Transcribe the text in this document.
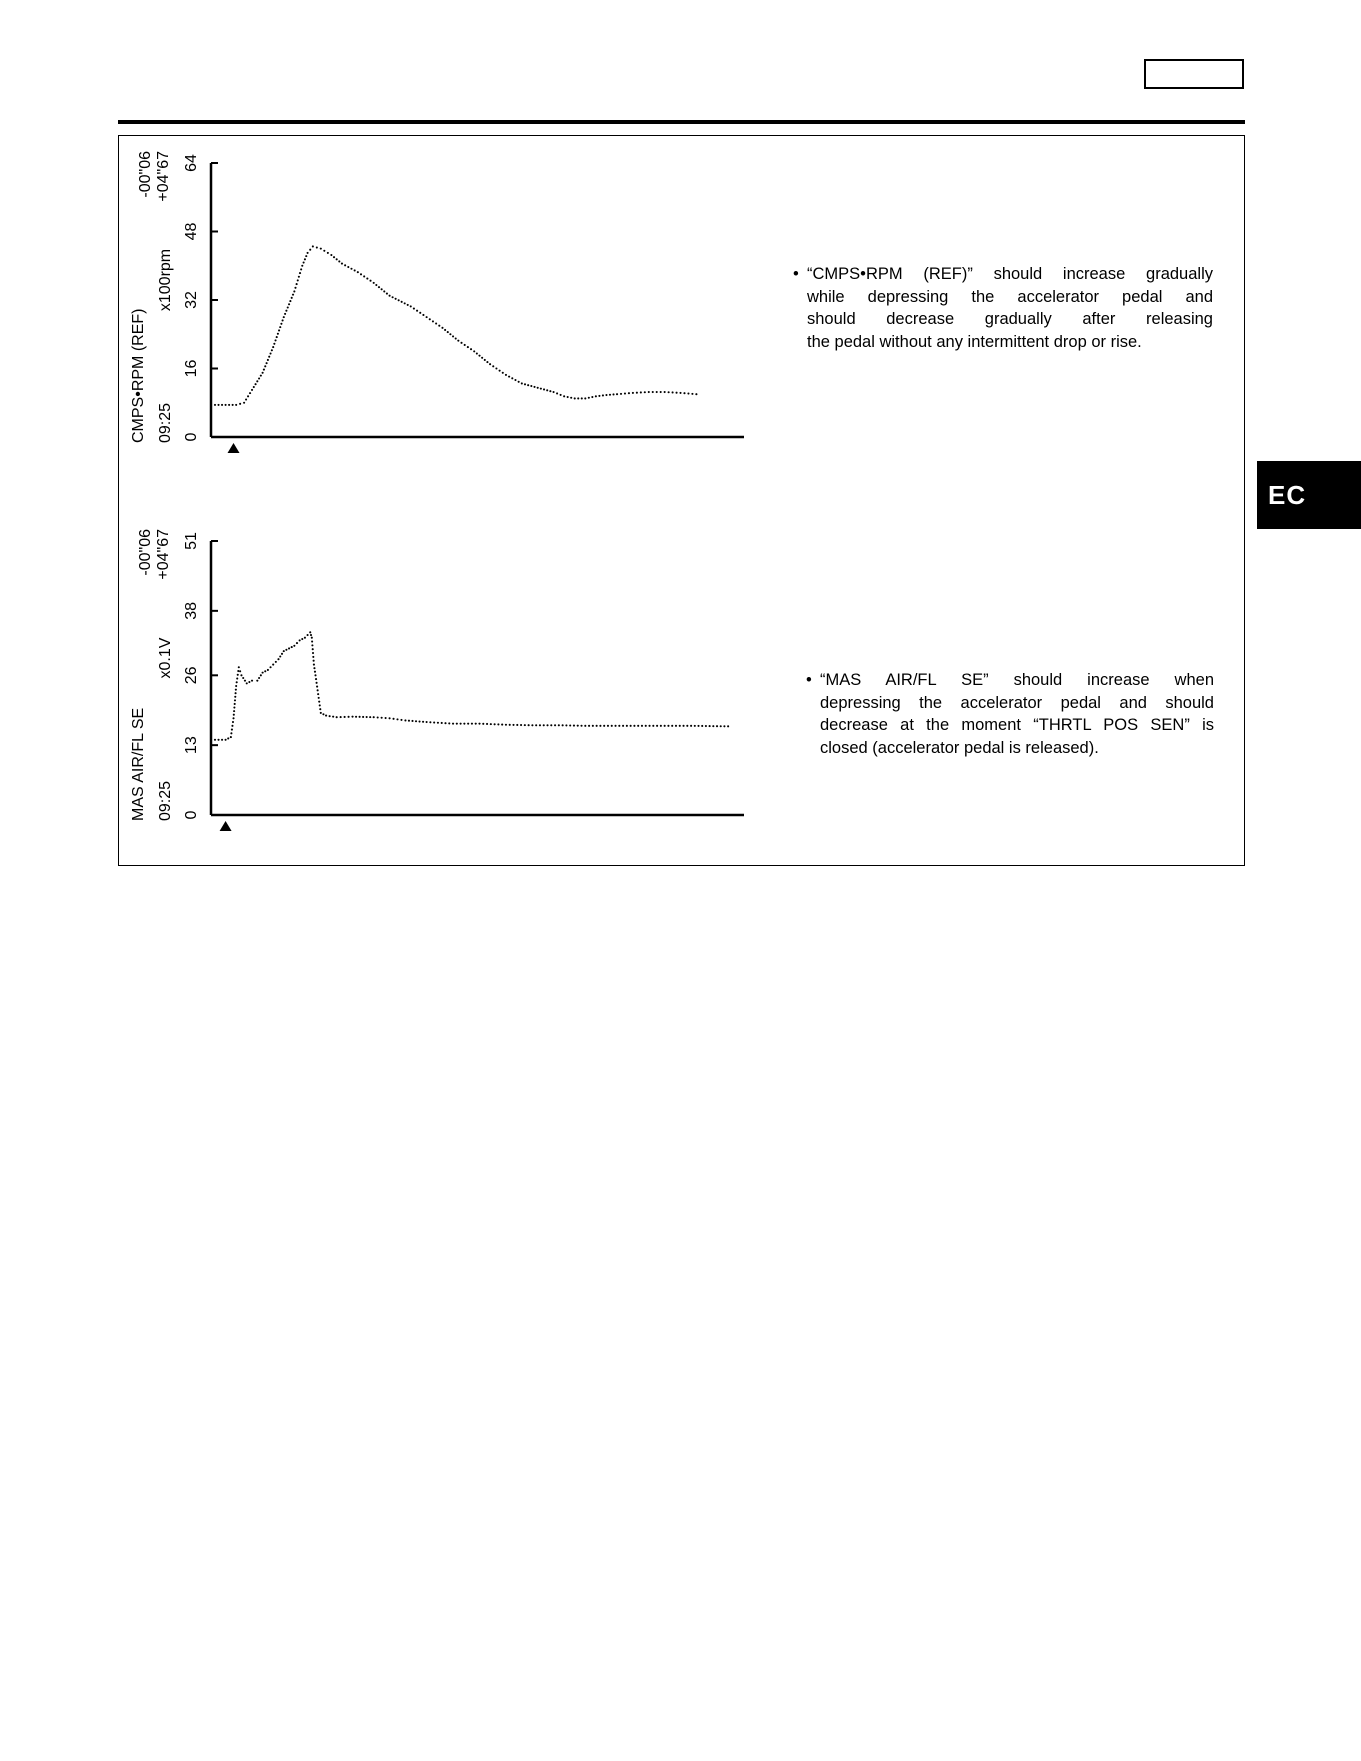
EC
0
16
32
48
64
CMPS•RPM (REF) 09:25
x100rpm
-00"06 +04"67
0
13
26
38
51
MAS AIR/FL SE 09:25
x0.1V
-00"06 +04"67
• “CMPS•RPM (REF)” should increase gradually
while depressing the accelerator pedal and
should decrease gradually after releasing
the pedal without any intermittent drop or rise.
• “MAS AIR/FL SE” should increase when
depressing the accelerator pedal and should
decrease at the moment “THRTL POS SEN” is
closed (accelerator pedal is released).
